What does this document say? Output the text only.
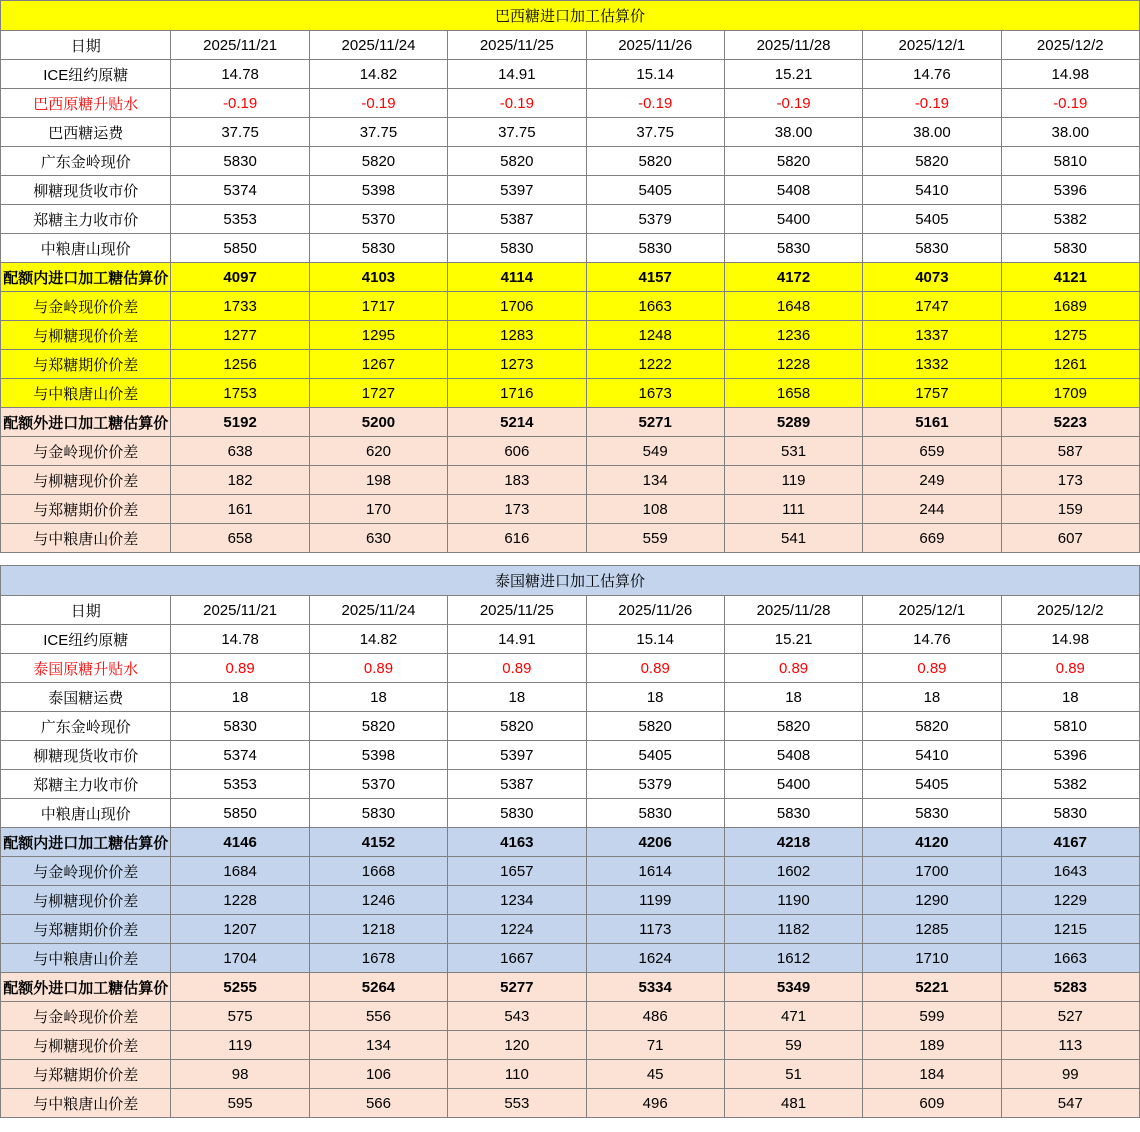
巴西糖进口加工估算价							
日期	2025/11/21	2025/11/24	2025/11/25	2025/11/26	2025/11/28	2025/12/1	2025/12/2
ICE纽约原糖	14.78	14.82	14.91	15.14	15.21	14.76	14.98
巴西原糖升贴水	-0.19	-0.19	-0.19	-0.19	-0.19	-0.19	-0.19
巴西糖运费	37.75	37.75	37.75	37.75	38.00	38.00	38.00
广东金岭现价	5830	5820	5820	5820	5820	5820	5810
柳糖现货收市价	5374	5398	5397	5405	5408	5410	5396
郑糖主力收市价	5353	5370	5387	5379	5400	5405	5382
中粮唐山现价	5850	5830	5830	5830	5830	5830	5830
配额内进口加工糖估算价	4097	4103	4114	4157	4172	4073	4121
与金岭现价价差	1733	1717	1706	1663	1648	1747	1689
与柳糖现价价差	1277	1295	1283	1248	1236	1337	1275
与郑糖期价价差	1256	1267	1273	1222	1228	1332	1261
与中粮唐山价差	1753	1727	1716	1673	1658	1757	1709
配额外进口加工糖估算价	5192	5200	5214	5271	5289	5161	5223
与金岭现价价差	638	620	606	549	531	659	587
与柳糖现价价差	182	198	183	134	119	249	173
与郑糖期价价差	161	170	173	108	111	244	159
与中粮唐山价差	658	630	616	559	541	669	607
泰国糖进口加工估算价							
日期	2025/11/21	2025/11/24	2025/11/25	2025/11/26	2025/11/28	2025/12/1	2025/12/2
ICE纽约原糖	14.78	14.82	14.91	15.14	15.21	14.76	14.98
泰国原糖升贴水	0.89	0.89	0.89	0.89	0.89	0.89	0.89
泰国糖运费	18	18	18	18	18	18	18
广东金岭现价	5830	5820	5820	5820	5820	5820	5810
柳糖现货收市价	5374	5398	5397	5405	5408	5410	5396
郑糖主力收市价	5353	5370	5387	5379	5400	5405	5382
中粮唐山现价	5850	5830	5830	5830	5830	5830	5830
配额内进口加工糖估算价	4146	4152	4163	4206	4218	4120	4167
与金岭现价价差	1684	1668	1657	1614	1602	1700	1643
与柳糖现价价差	1228	1246	1234	1199	1190	1290	1229
与郑糖期价价差	1207	1218	1224	1173	1182	1285	1215
与中粮唐山价差	1704	1678	1667	1624	1612	1710	1663
配额外进口加工糖估算价	5255	5264	5277	5334	5349	5221	5283
与金岭现价价差	575	556	543	486	471	599	527
与柳糖现价价差	119	134	120	71	59	189	113
与郑糖期价价差	98	106	110	45	51	184	99
与中粮唐山价差	595	566	553	496	481	609	547
